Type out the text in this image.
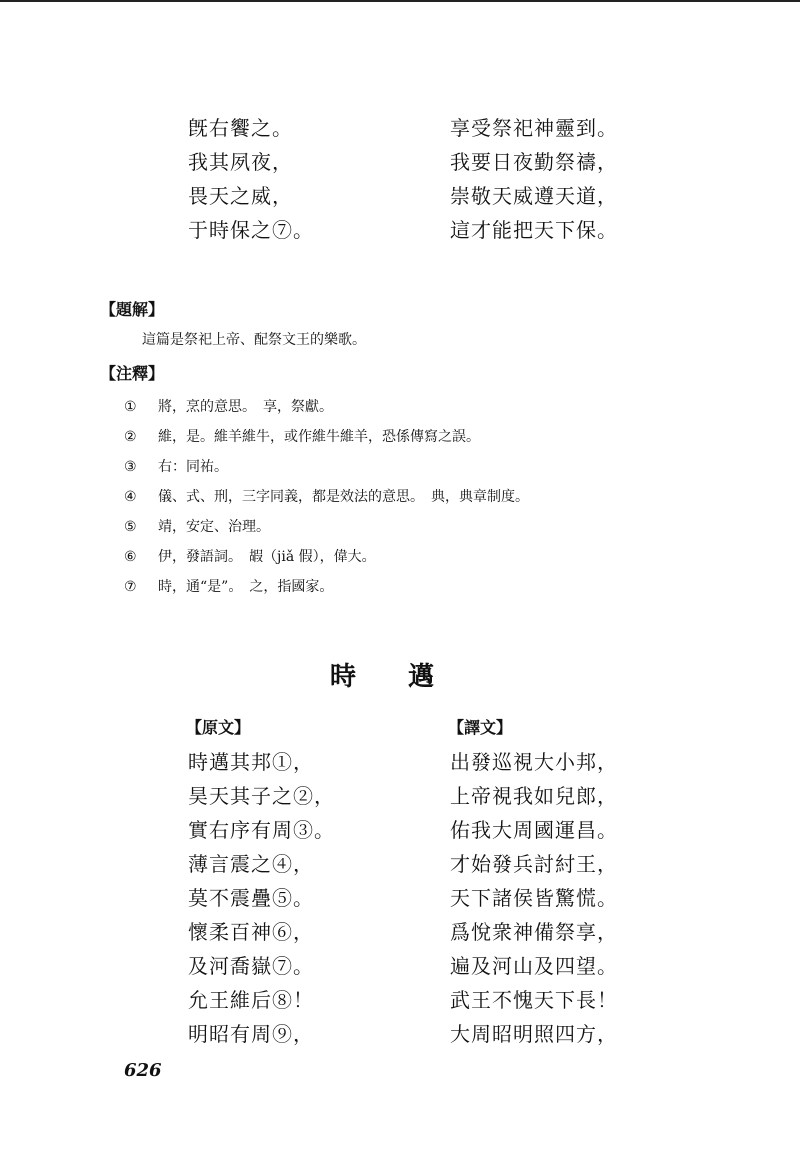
旣右饗之。
我其夙夜，
畏天之威，
于時保之⑦。
享受祭祀神靈到。
我要日夜勤祭禱，
崇敬天威遵天道，
這才能把天下保。
【題解】
這篇是祭祀上帝、配祭文王的樂歌。
【注釋】
① 將，烹的意思。　享，祭獻。
② 維，是。維羊維牛，或作維牛維羊，恐係傳寫之誤。
③ 右：同祐。
④ 儀、式、刑，三字同義，都是效法的意思。　典，典章制度。
⑤ 靖，安定、治理。
⑥ 伊，發語詞。　嘏（jiǎ 假），偉大。
⑦ 時，通“是”。　之，指國家。
時　　邁
【原文】	【譯文】
時邁其邦①，
昊天其子之②，
實右序有周③。
薄言震之④，
莫不震疊⑤。
懷柔百神⑥，
及河喬嶽⑦。
允王維后⑧！
明昭有周⑨，
出發巡視大小邦，
上帝視我如兒郎，
佑我大周國運昌。
才始發兵討紂王，
天下諸侯皆驚慌。
爲悅衆神備祭享，
遍及河山及四望。
武王不愧天下長！
大周昭明照四方，
626
